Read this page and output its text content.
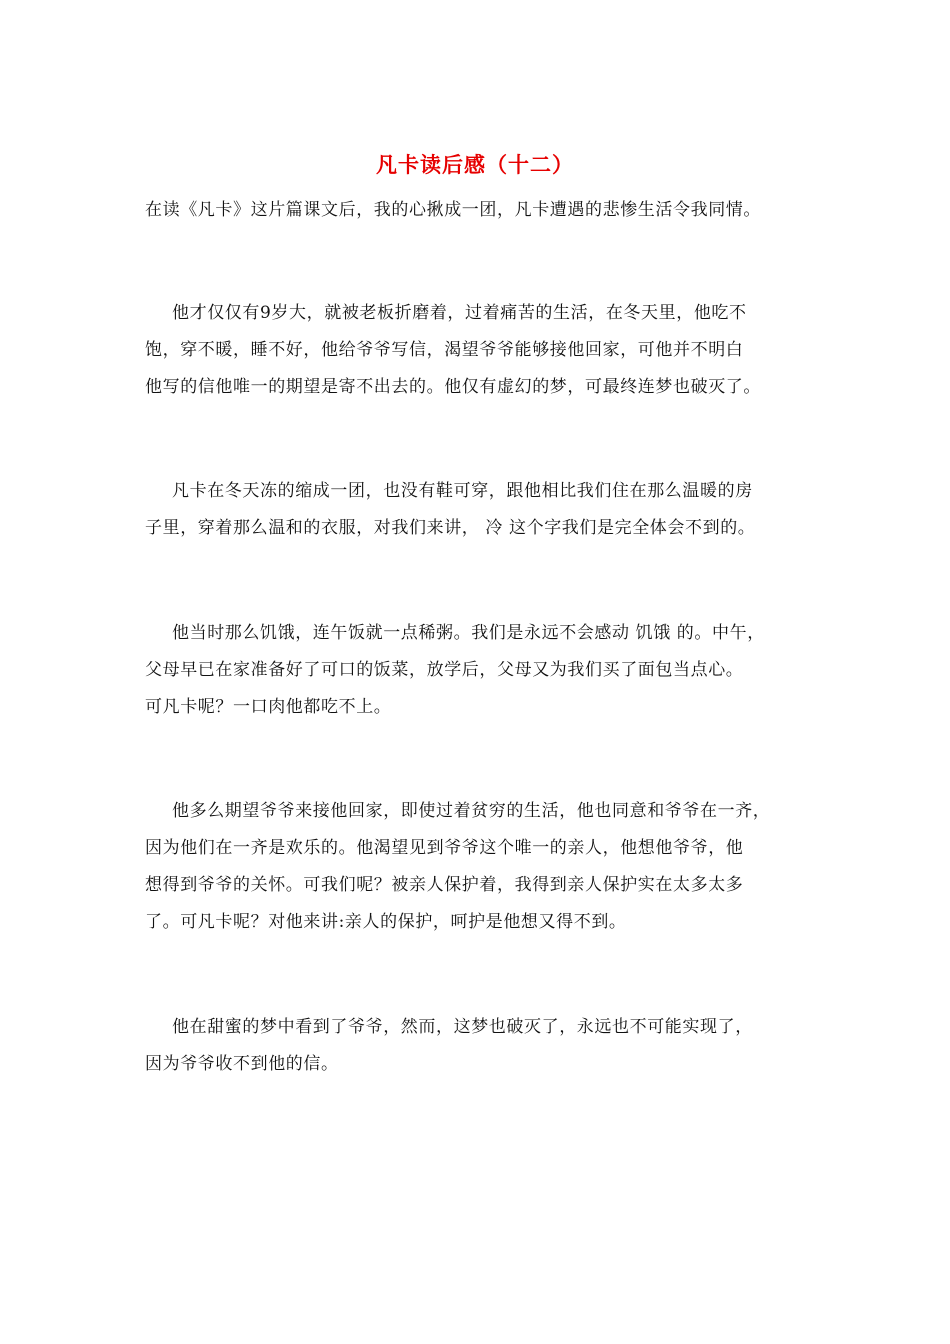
凡卡读后感（十二）
在读《凡卡》这片篇课文后，我的心揪成一团，凡卡遭遇的悲惨生活令我同情。
他才仅仅有9岁大，就被老板折磨着，过着痛苦的生活，在冬天里，他吃不
饱，穿不暖，睡不好，他给爷爷写信，渴望爷爷能够接他回家，可他并不明白
他写的信他唯一的期望是寄不出去的。他仅有虚幻的梦，可最终连梦也破灭了。
凡卡在冬天冻的缩成一团，也没有鞋可穿，跟他相比我们住在那么温暖的房
子里，穿着那么温和的衣服，对我们来讲， 冷 这个字我们是完全体会不到的。
他当时那么饥饿，连午饭就一点稀粥。我们是永远不会感动 饥饿 的。中午，
父母早已在家准备好了可口的饭菜，放学后，父母又为我们买了面包当点心。
可凡卡呢？一口肉他都吃不上。
他多么期望爷爷来接他回家，即使过着贫穷的生活，他也同意和爷爷在一齐，
因为他们在一齐是欢乐的。他渴望见到爷爷这个唯一的亲人，他想他爷爷，他
想得到爷爷的关怀。可我们呢？被亲人保护着，我得到亲人保护实在太多太多
了。可凡卡呢？对他来讲:亲人的保护，呵护是他想又得不到。
他在甜蜜的梦中看到了爷爷，然而，这梦也破灭了，永远也不可能实现了，
因为爷爷收不到他的信。
